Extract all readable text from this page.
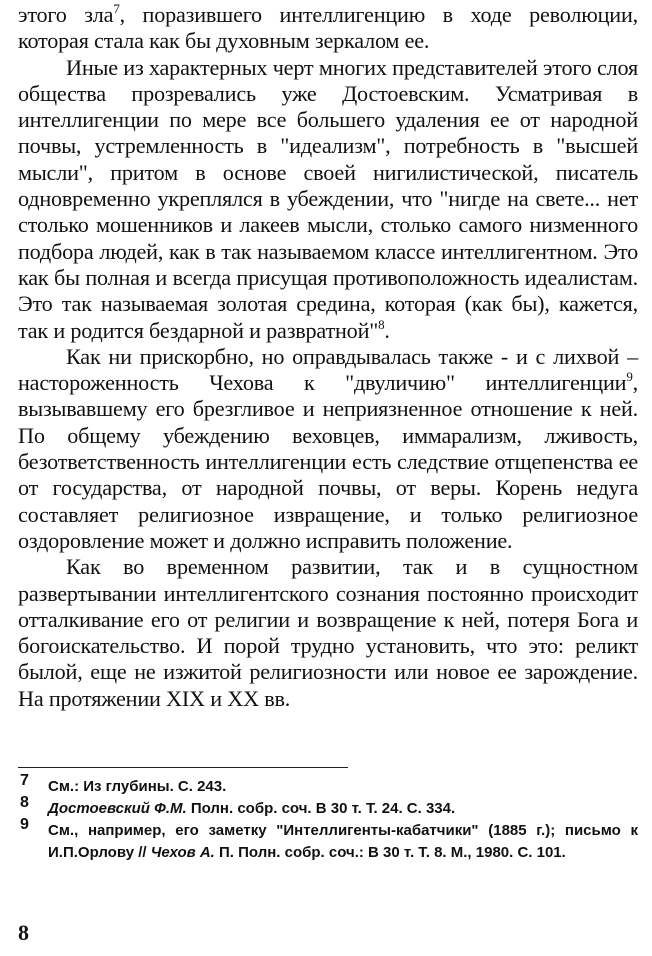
этого зла$^7$, поразившего интеллигенцию в ходе революции, которая стала как бы духовным зеркалом ее.

Иные из характерных черт многих представителей этого слоя общества прозревались уже Достоевским. Усматривая в интеллигенции по мере все большего удаления ее от народной почвы, устремленность в "идеализм", потребность в "высшей мысли", притом в основе своей нигилистической, писатель одновременно укреплялся в убеждении, что "нигде на свете... нет столько мошенников и лакеев мысли, столько самого низменного подбора людей, как в так называемом классе интеллигентном. Это как бы полная и всегда присущая противоположность идеалистам. Это так называемая золотая средина, которая (как бы), кажется, так и родится бездарной и развратной"$^8$.

Как ни прискорбно, но оправдывалась также - и с лихвой – настороженность Чехова к "двуличию" интеллигенции$^9$, вызывавшему его брезгливое и неприязненное отношение к ней. По общему убеждению веховцев, иммарализм, лживость, безответственность интеллигенции есть следствие отщепенства ее от государства, от народной почвы, от веры. Корень недуга составляет религиозное извращение, и только религиозное оздоровление может и должно исправить положение.

Как во временном развитии, так и в сущностном развертывании интеллигентского сознания постоянно происходит отталкивание его от религии и возвращение к ней, потеря Бога и богоискательство. И порой трудно установить, что это: реликт былой, еще не изжитой религиозности или новое ее зарождение. На протяжении XIX и XX вв.

7 См.: Из глубины. С. 243.
8 Достоевский Ф.М. Полн. собр. соч. В 30 т. Т. 24. С. 334.
9 См., например, его заметку "Интеллигенты-кабатчики" (1885 г.); письмо к И.П.Орлову // Чехов А. П. Полн. собр. соч.: В 30 т. Т. 8. М., 1980. С. 101.
8
